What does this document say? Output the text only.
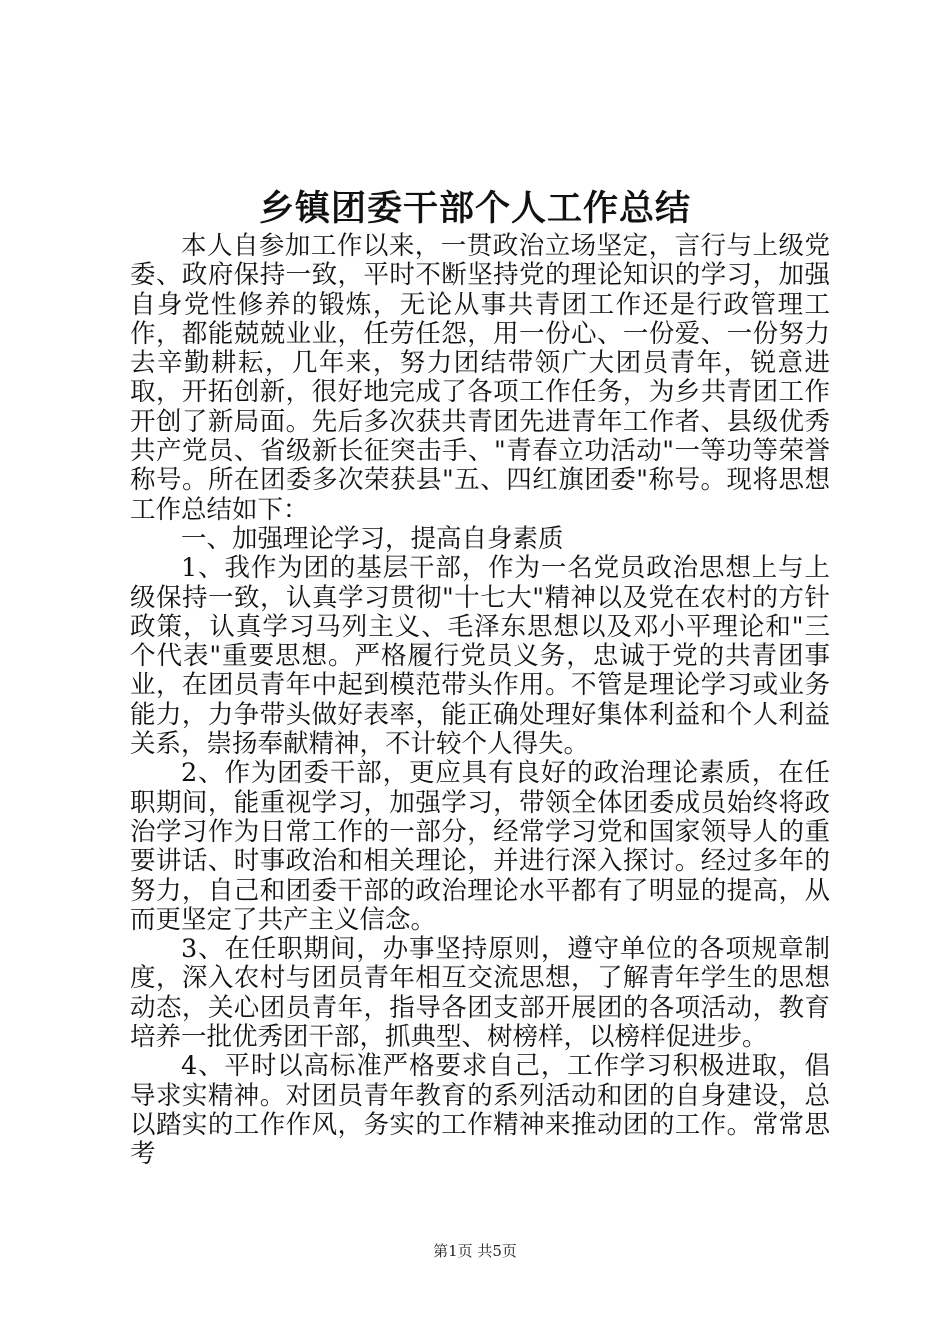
乡镇团委干部个人工作总结

本人自参加工作以来，一贯政治立场坚定，言行与上级党委、政府保持一致，平时不断坚持党的理论知识的学习，加强自身党性修养的锻炼，无论从事共青团工作还是行政管理工作，都能兢兢业业，任劳任怨，用一份心、一份爱、一份努力去辛勤耕耘，几年来，努力团结带领广大团员青年，锐意进取，开拓创新，很好地完成了各项工作任务，为乡共青团工作开创了新局面。先后多次获共青团先进青年工作者、县级优秀共产党员、省级新长征突击手、"青春立功活动"一等功等荣誉称号。所在团委多次荣获县"五、四红旗团委"称号。现将思想工作总结如下：

一、加强理论学习，提高自身素质

1、我作为团的基层干部，作为一名党员政治思想上与上级保持一致，认真学习贯彻"十七大"精神以及党在农村的方针政策，认真学习马列主义、毛泽东思想以及邓小平理论和"三个代表"重要思想。严格履行党员义务，忠诚于党的共青团事业，在团员青年中起到模范带头作用。不管是理论学习或业务能力，力争带头做好表率，能正确处理好集体利益和个人利益关系，崇扬奉献精神，不计较个人得失。

2、作为团委干部，更应具有良好的政治理论素质，在任职期间，能重视学习，加强学习，带领全体团委成员始终将政治学习作为日常工作的一部分，经常学习党和国家领导人的重要讲话、时事政治和相关理论，并进行深入探讨。经过多年的努力，自己和团委干部的政治理论水平都有了明显的提高，从而更坚定了共产主义信念。

3、在任职期间，办事坚持原则，遵守单位的各项规章制度，深入农村与团员青年相互交流思想，了解青年学生的思想动态，关心团员青年，指导各团支部开展团的各项活动，教育培养一批优秀团干部，抓典型、树榜样，以榜样促进步。

4、平时以高标准严格要求自己，工作学习积极进取，倡导求实精神。对团员青年教育的系列活动和团的自身建设，总以踏实的工作作风，务实的工作精神来推动团的工作。常常思考

第1页 共5页
